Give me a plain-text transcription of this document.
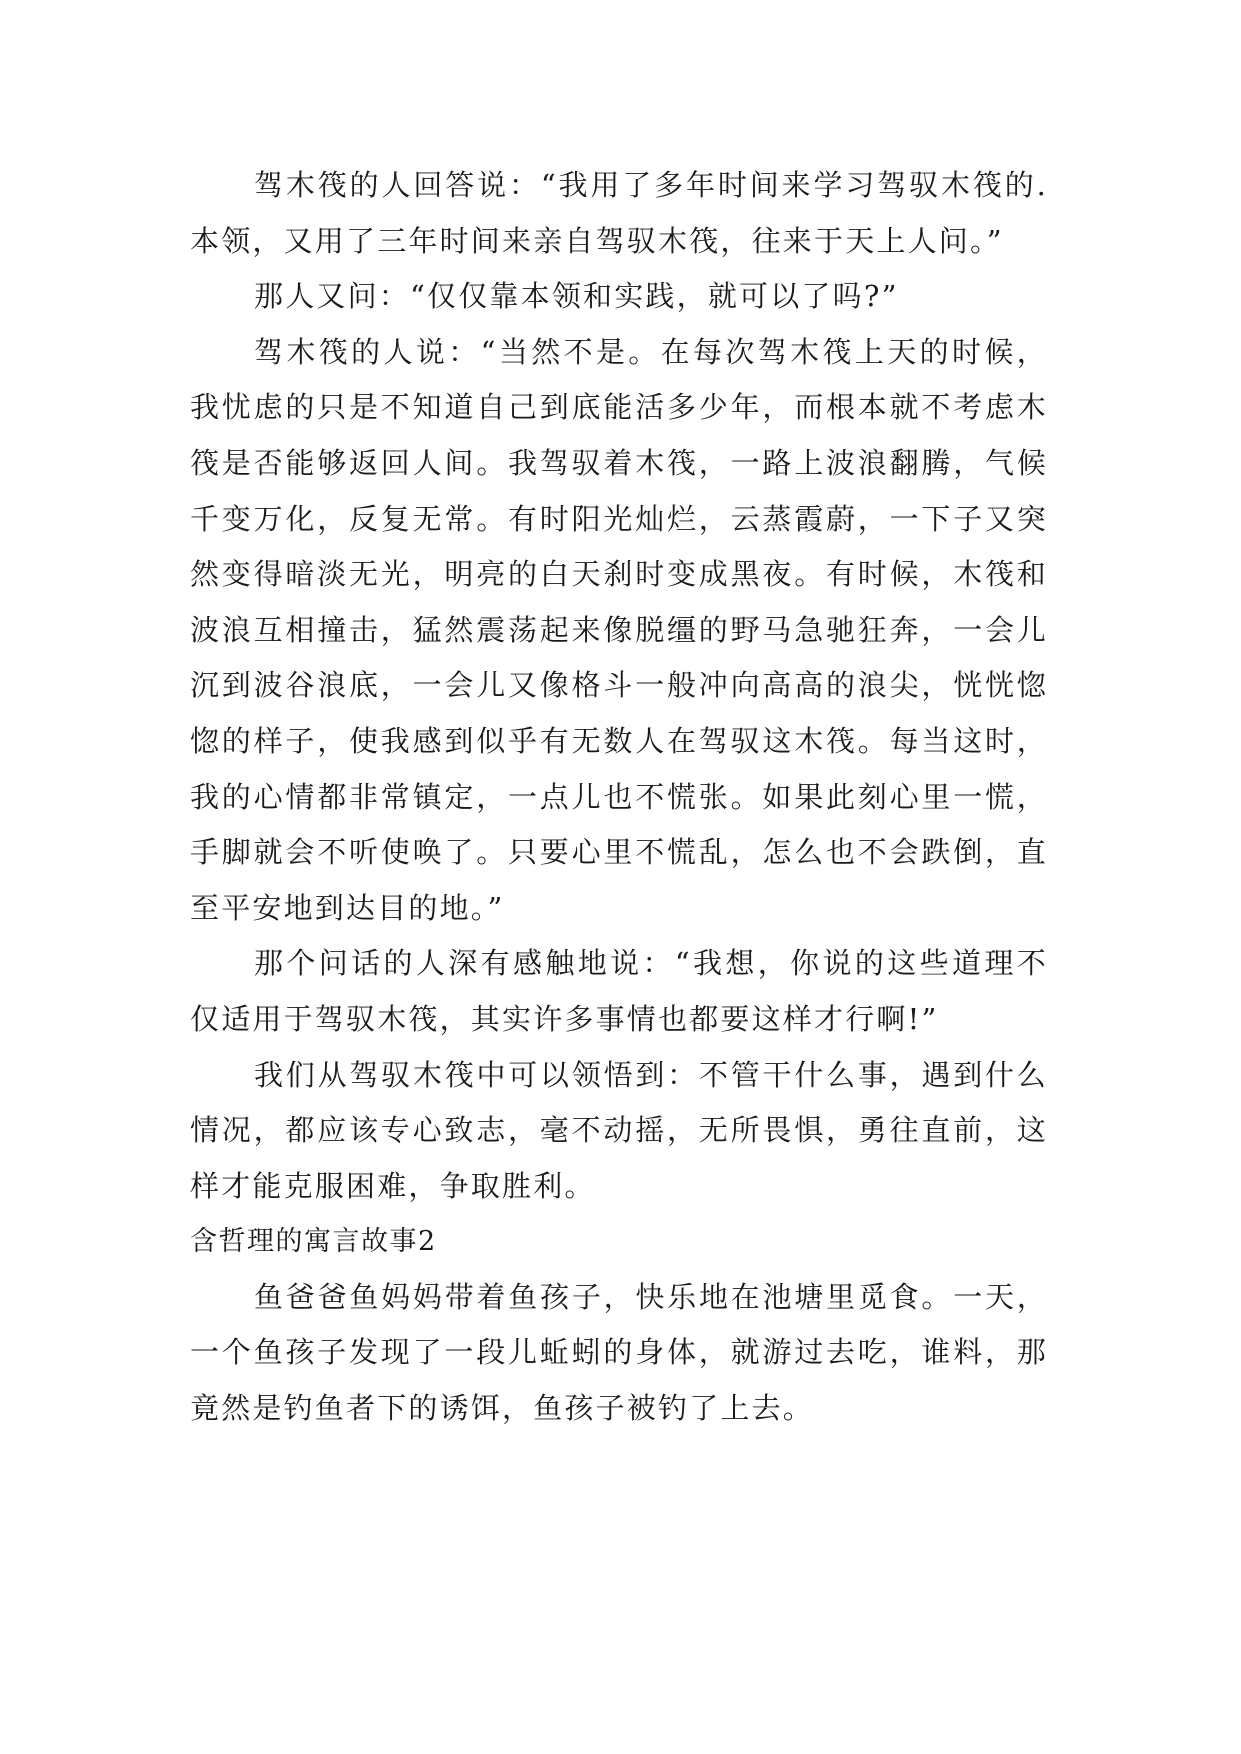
驾木筏的人回答说：“我用了多年时间来学习驾驭木筏的.本领，又用了三年时间来亲自驾驭木筏，往来于天上人问。”

那人又问：“仅仅靠本领和实践，就可以了吗?”

驾木筏的人说：“当然不是。在每次驾木筏上天的时候，我忧虑的只是不知道自己到底能活多少年，而根本就不考虑木筏是否能够返回人间。我驾驭着木筏，一路上波浪翻腾，气候千变万化，反复无常。有时阳光灿烂，云蒸霞蔚，一下子又突然变得暗淡无光，明亮的白天刹时变成黑夜。有时候，木筏和波浪互相撞击，猛然震荡起来像脱缰的野马急驰狂奔，一会儿沉到波谷浪底，一会儿又像格斗一般冲向高高的浪尖，恍恍惚惚的样子，使我感到似乎有无数人在驾驭这木筏。每当这时，我的心情都非常镇定，一点儿也不慌张。如果此刻心里一慌，手脚就会不听使唤了。只要心里不慌乱，怎么也不会跌倒，直至平安地到达目的地。”

那个问话的人深有感触地说：“我想，你说的这些道理不仅适用于驾驭木筏，其实许多事情也都要这样才行啊!”

我们从驾驭木筏中可以领悟到：不管干什么事，遇到什么情况，都应该专心致志，毫不动摇，无所畏惧，勇往直前，这样才能克服困难，争取胜利。

含哲理的寓言故事2

鱼爸爸鱼妈妈带着鱼孩子，快乐地在池塘里觅食。一天，一个鱼孩子发现了一段儿蚯蚓的身体，就游过去吃，谁料，那竟然是钓鱼者下的诱饵，鱼孩子被钓了上去。
